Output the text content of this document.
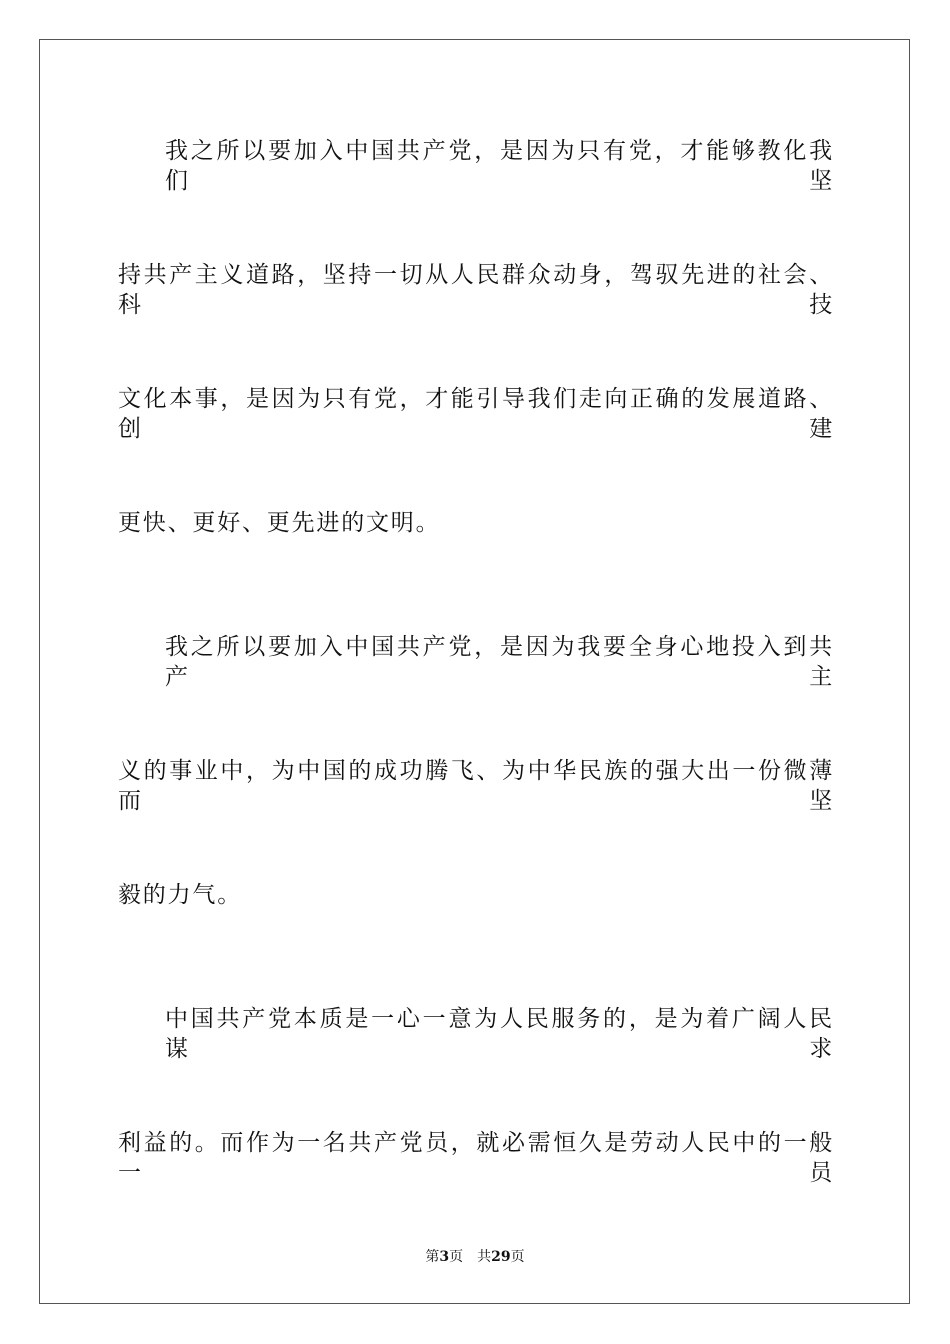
我之所以要加入中国共产党，是因为只有党，才能够教化我们坚
持共产主义道路，坚持一切从人民群众动身，驾驭先进的社会、科技
文化本事，是因为只有党，才能引导我们走向正确的发展道路、创建
更快、更好、更先进的文明。
我之所以要加入中国共产党，是因为我要全身心地投入到共产主
义的事业中，为中国的成功腾飞、为中华民族的强大出一份微薄而坚
毅的力气。
中国共产党本质是一心一意为人民服务的，是为着广阔人民谋求
利益的。而作为一名共产党员，就必需恒久是劳动人民中的一般一员
第3页 共29页
